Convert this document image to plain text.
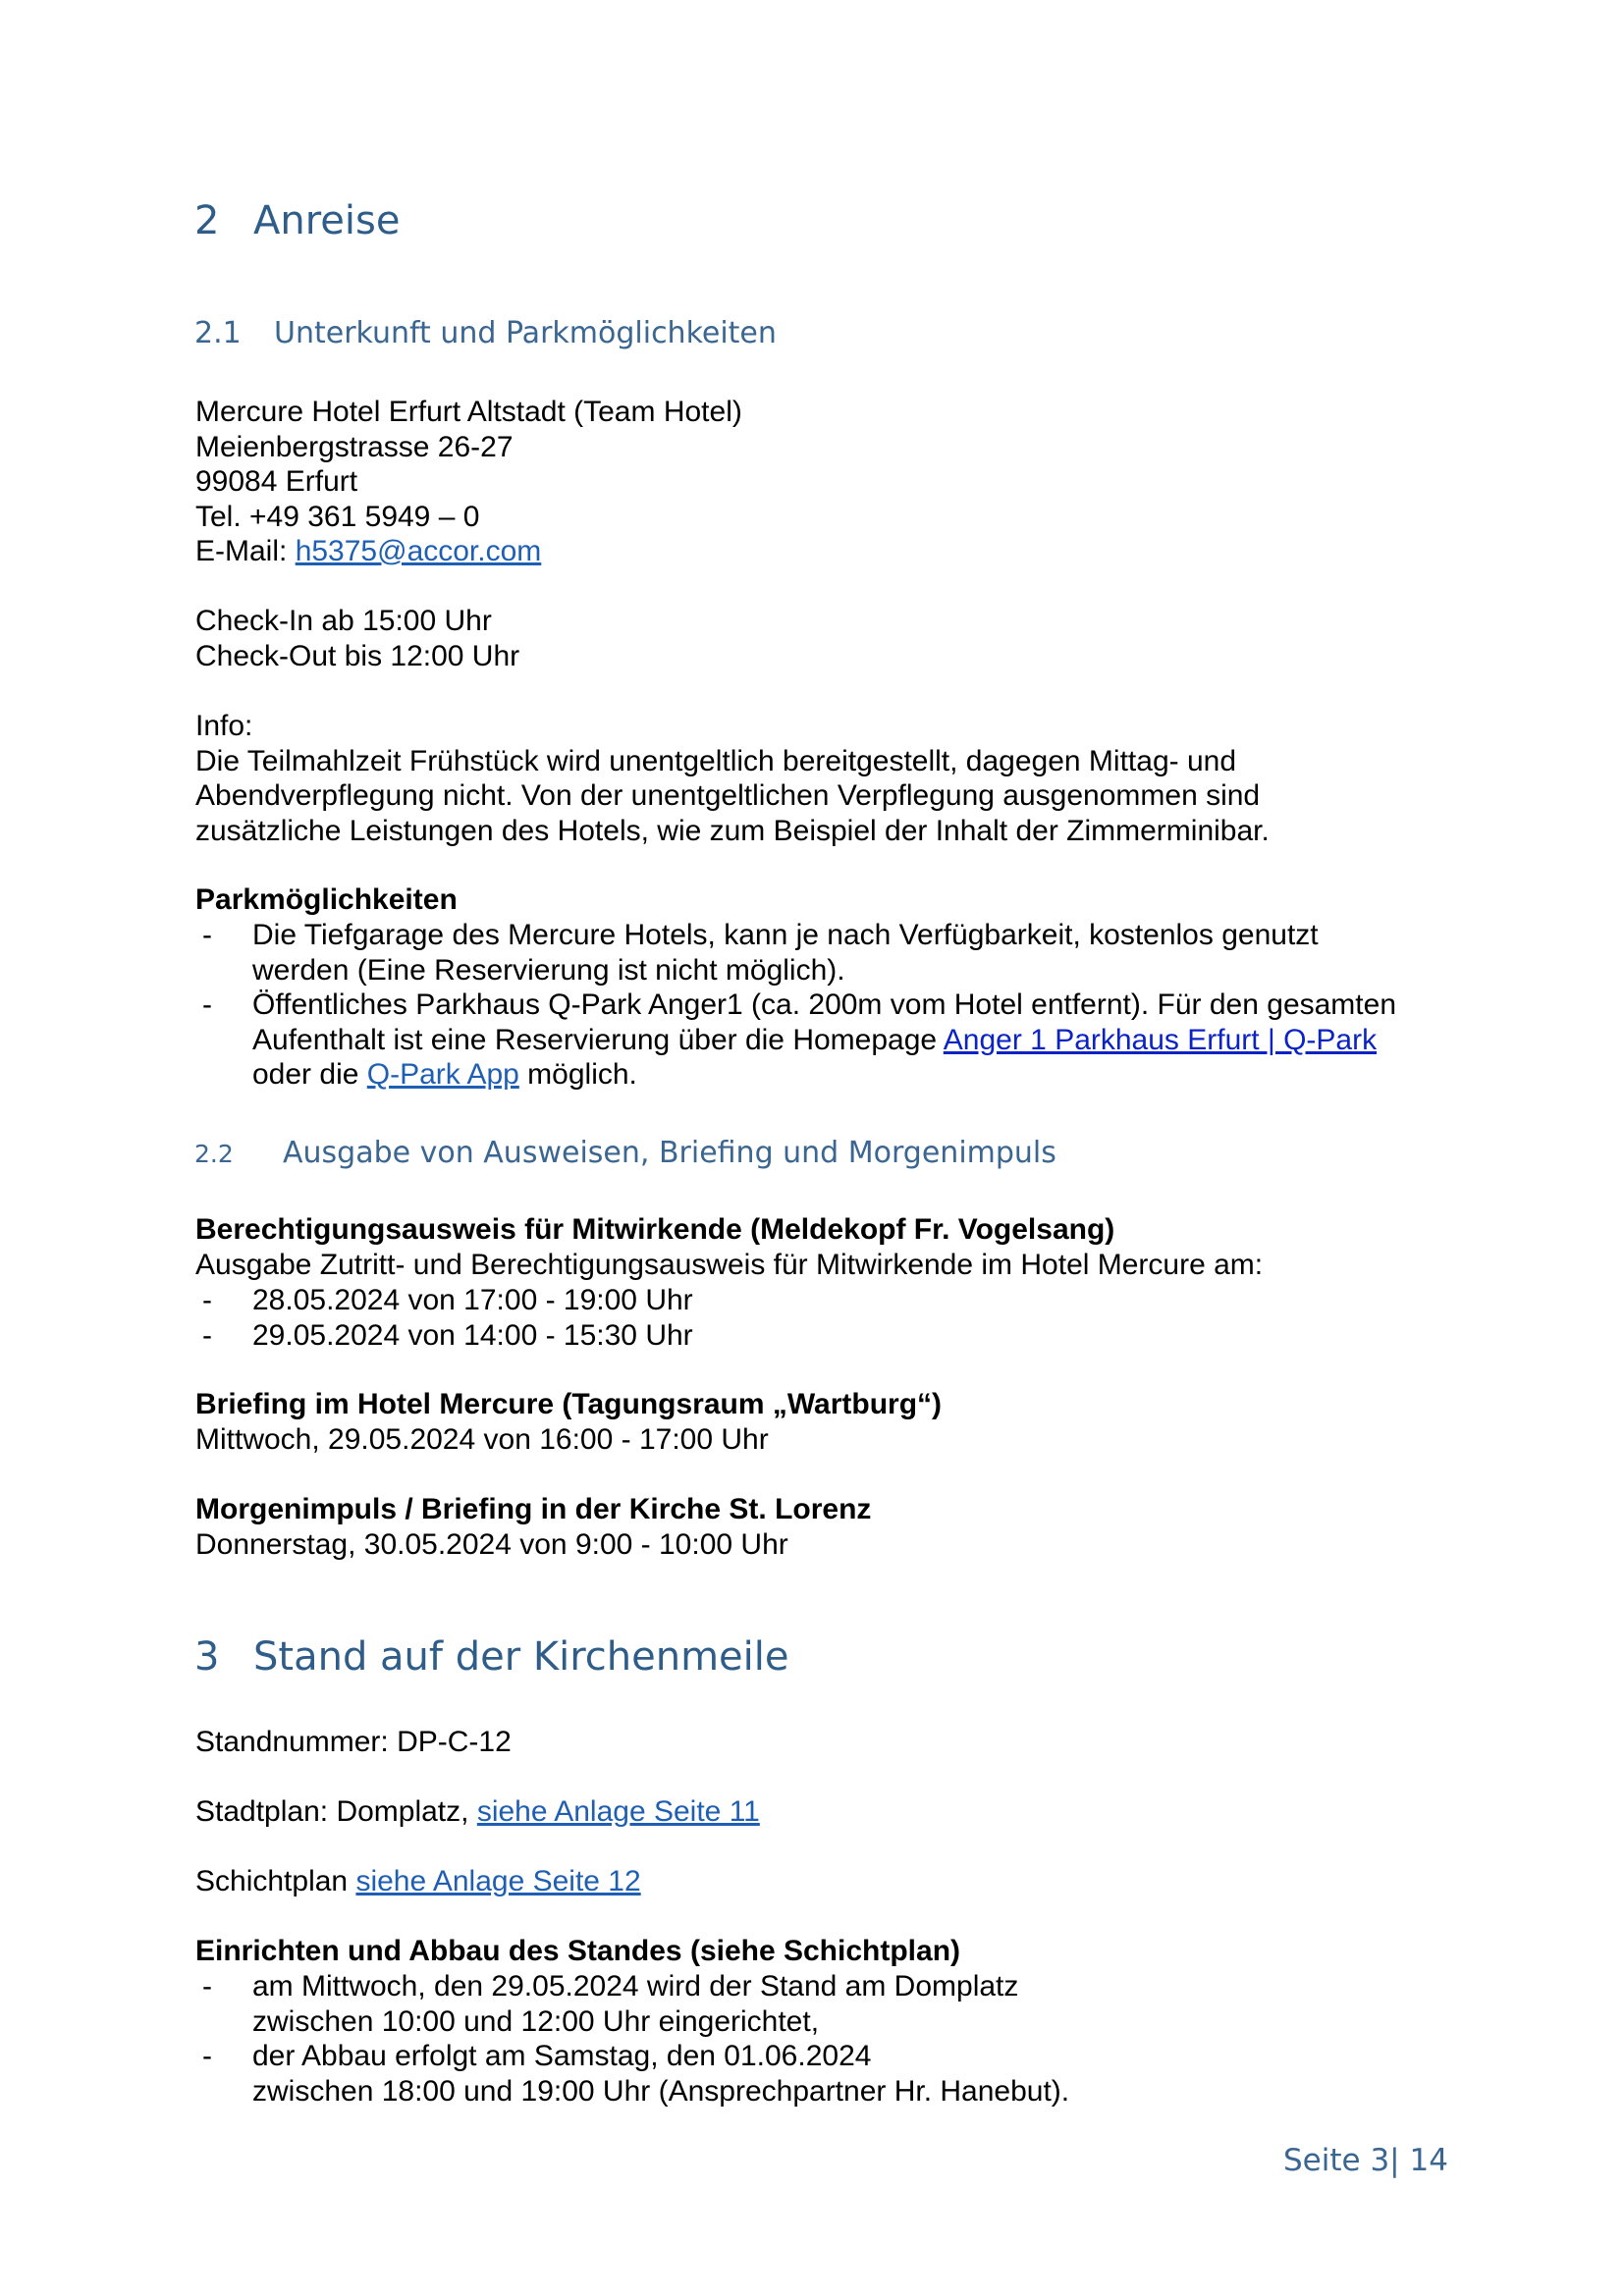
2 Anreise
2.1 Unterkunft und Parkmöglichkeiten
Mercure Hotel Erfurt Altstadt (Team Hotel)
Meienbergstrasse 26-27
99084 Erfurt
Tel. +49 361 5949 – 0
E-Mail: h5375@accor.com
Check-In ab 15:00 Uhr
Check-Out bis 12:00 Uhr
Info:
Die Teilmahlzeit Frühstück wird unentgeltlich bereitgestellt, dagegen Mittag- und
Abendverpflegung nicht. Von der unentgeltlichen Verpflegung ausgenommen sind
zusätzliche Leistungen des Hotels, wie zum Beispiel der Inhalt der Zimmerminibar.
Parkmöglichkeiten
- Die Tiefgarage des Mercure Hotels, kann je nach Verfügbarkeit, kostenlos genutzt
werden (Eine Reservierung ist nicht möglich).
- Öffentliches Parkhaus Q-Park Anger1 (ca. 200m vom Hotel entfernt). Für den gesamten
Aufenthalt ist eine Reservierung über die Homepage Anger 1 Parkhaus Erfurt | Q-Park
oder die Q-Park App möglich.
2.2 Ausgabe von Ausweisen, Briefing und Morgenimpuls
Berechtigungsausweis für Mitwirkende (Meldekopf Fr. Vogelsang)
Ausgabe Zutritt- und Berechtigungsausweis für Mitwirkende im Hotel Mercure am:
- 28.05.2024 von 17:00 - 19:00 Uhr
- 29.05.2024 von 14:00 - 15:30 Uhr
Briefing im Hotel Mercure (Tagungsraum „Wartburg“)
Mittwoch, 29.05.2024 von 16:00 - 17:00 Uhr
Morgenimpuls / Briefing in der Kirche St. Lorenz
Donnerstag, 30.05.2024 von 9:00 - 10:00 Uhr
3 Stand auf der Kirchenmeile
Standnummer: DP-C-12
Stadtplan: Domplatz, siehe Anlage Seite 11
Schichtplan siehe Anlage Seite 12
Einrichten und Abbau des Standes (siehe Schichtplan)
- am Mittwoch, den 29.05.2024 wird der Stand am Domplatz
zwischen 10:00 und 12:00 Uhr eingerichtet,
- der Abbau erfolgt am Samstag, den 01.06.2024
zwischen 18:00 und 19:00 Uhr (Ansprechpartner Hr. Hanebut).
Seite 3| 14
